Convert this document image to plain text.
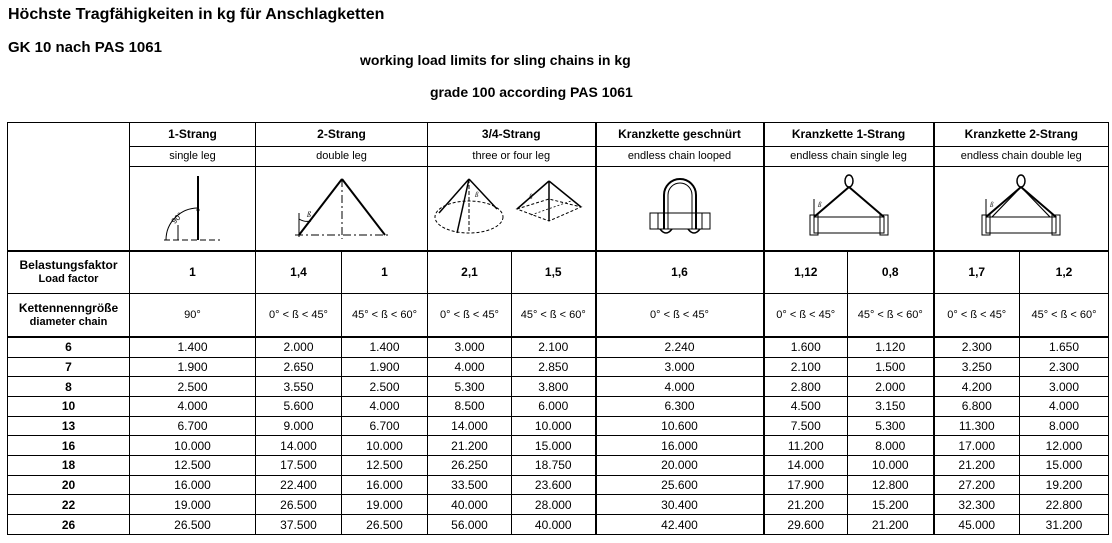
Höchste Tragfähigkeiten in kg für Anschlagketten
GK 10 nach PAS 1061
working load limits for sling chains in kg
grade 100 according PAS 1061
	1-Strang	2-Strang		3/4-Strang		Kranzkette geschnürt	Kranzkette 1-Strang		Kranzkette 2-Strang	
	single leg	double leg		three or four leg		endless chain looped	endless chain single leg		endless chain double leg	

90°	ß		ß ß			ß		ß	

Belastungsfaktor
Load factor	1	1,4	1	2,1	1,5	1,6	1,12	0,8	1,7	1,2

Kettennenngröße
diameter chain	90°	0° < ß < 45°	45° < ß < 60°	0° < ß < 45°	45° < ß < 60°	0° < ß < 45°	0° < ß < 45°	45° < ß < 60°	0° < ß < 45°	45° < ß < 60°
6	1.400	2.000	1.400	3.000	2.100	2.240	1.600	1.120	2.300	1.650
7	1.900	2.650	1.900	4.000	2.850	3.000	2.100	1.500	3.250	2.300
8	2.500	3.550	2.500	5.300	3.800	4.000	2.800	2.000	4.200	3.000
10	4.000	5.600	4.000	8.500	6.000	6.300	4.500	3.150	6.800	4.000
13	6.700	9.000	6.700	14.000	10.000	10.600	7.500	5.300	11.300	8.000
16	10.000	14.000	10.000	21.200	15.000	16.000	11.200	8.000	17.000	12.000
18	12.500	17.500	12.500	26.250	18.750	20.000	14.000	10.000	21.200	15.000
20	16.000	22.400	16.000	33.500	23.600	25.600	17.900	12.800	27.200	19.200
22	19.000	26.500	19.000	40.000	28.000	30.400	21.200	15.200	32.300	22.800
26	26.500	37.500	26.500	56.000	40.000	42.400	29.600	21.200	45.000	31.200
